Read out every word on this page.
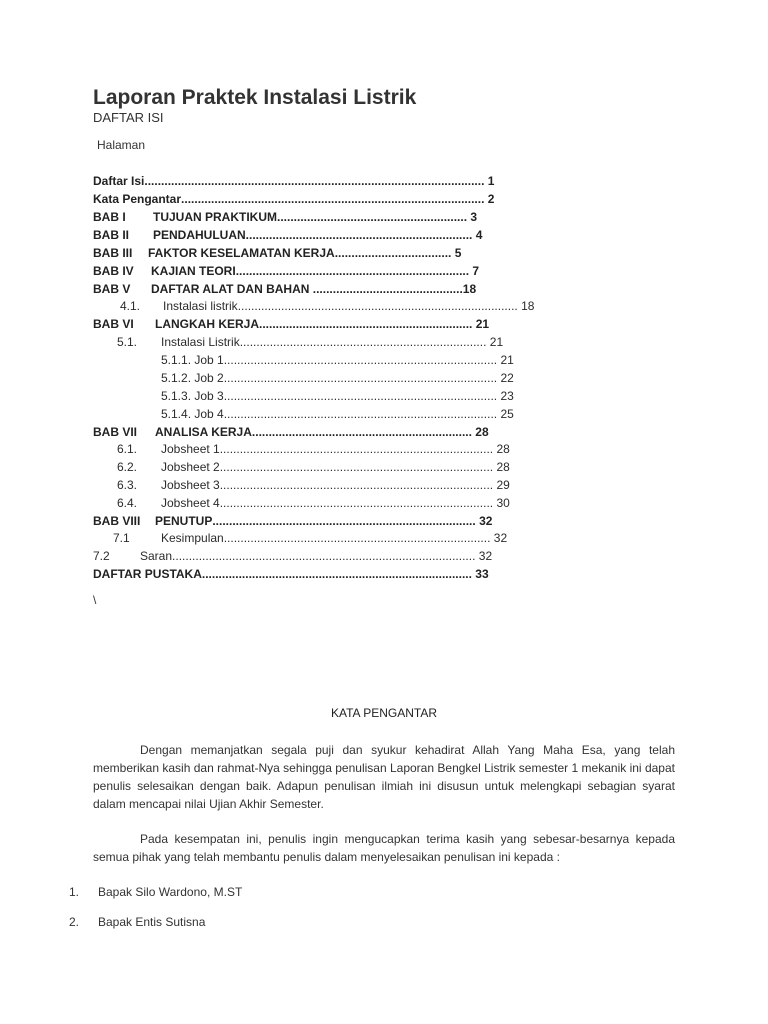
Laporan Praktek Instalasi Listrik
DAFTAR ISI
Halaman
Daftar Isi...................................................................................................... 1
Kata Pengantar........................................................................................... 2
BAB I TUJUAN PRAKTIKUM......................................................... 3
BAB II PENDAHULUAN.................................................................... 4
BAB III FAKTOR KESELAMATAN KERJA................................... 5
BAB IV KAJIAN TEORI...................................................................... 7
BAB V DAFTAR ALAT DAN BAHAN .............................................18
4.1. Instalasi listrik.................................................................................... 18
BAB VI LANGKAH KERJA................................................................ 21
5.1. Instalasi Listrik.......................................................................... 21
5.1.1. Job 1.................................................................................. 21
5.1.2. Job 2.................................................................................. 22
5.1.3. Job 3.................................................................................. 23
5.1.4. Job 4.................................................................................. 25
BAB VII ANALISA KERJA.................................................................. 28
6.1. Jobsheet 1.................................................................................. 28
6.2. Jobsheet 2.................................................................................. 28
6.3. Jobsheet 3.................................................................................. 29
6.4. Jobsheet 4.................................................................................. 30
BAB VIII PENUTUP............................................................................... 32
7.1	Kesimpulan................................................................................ 32
7.2	Saran........................................................................................... 32
DAFTAR PUSTAKA................................................................................. 33
\
KATA PENGANTAR

Dengan memanjatkan segala puji dan syukur kehadirat Allah Yang Maha Esa, yang telah memberikan kasih dan rahmat-Nya sehingga penulisan Laporan Bengkel Listrik semester 1 mekanik ini dapat penulis selesaikan dengan baik. Adapun penulisan ilmiah ini disusun untuk melengkapi sebagian syarat dalam mencapai nilai Ujian Akhir Semester.

Pada kesempatan ini, penulis ingin mengucapkan terima kasih yang sebesar-besarnya kepada semua pihak yang telah membantu penulis dalam menyelesaikan penulisan ini kepada :

1. Bapak Silo Wardono, M.ST
2. Bapak Entis Sutisna
